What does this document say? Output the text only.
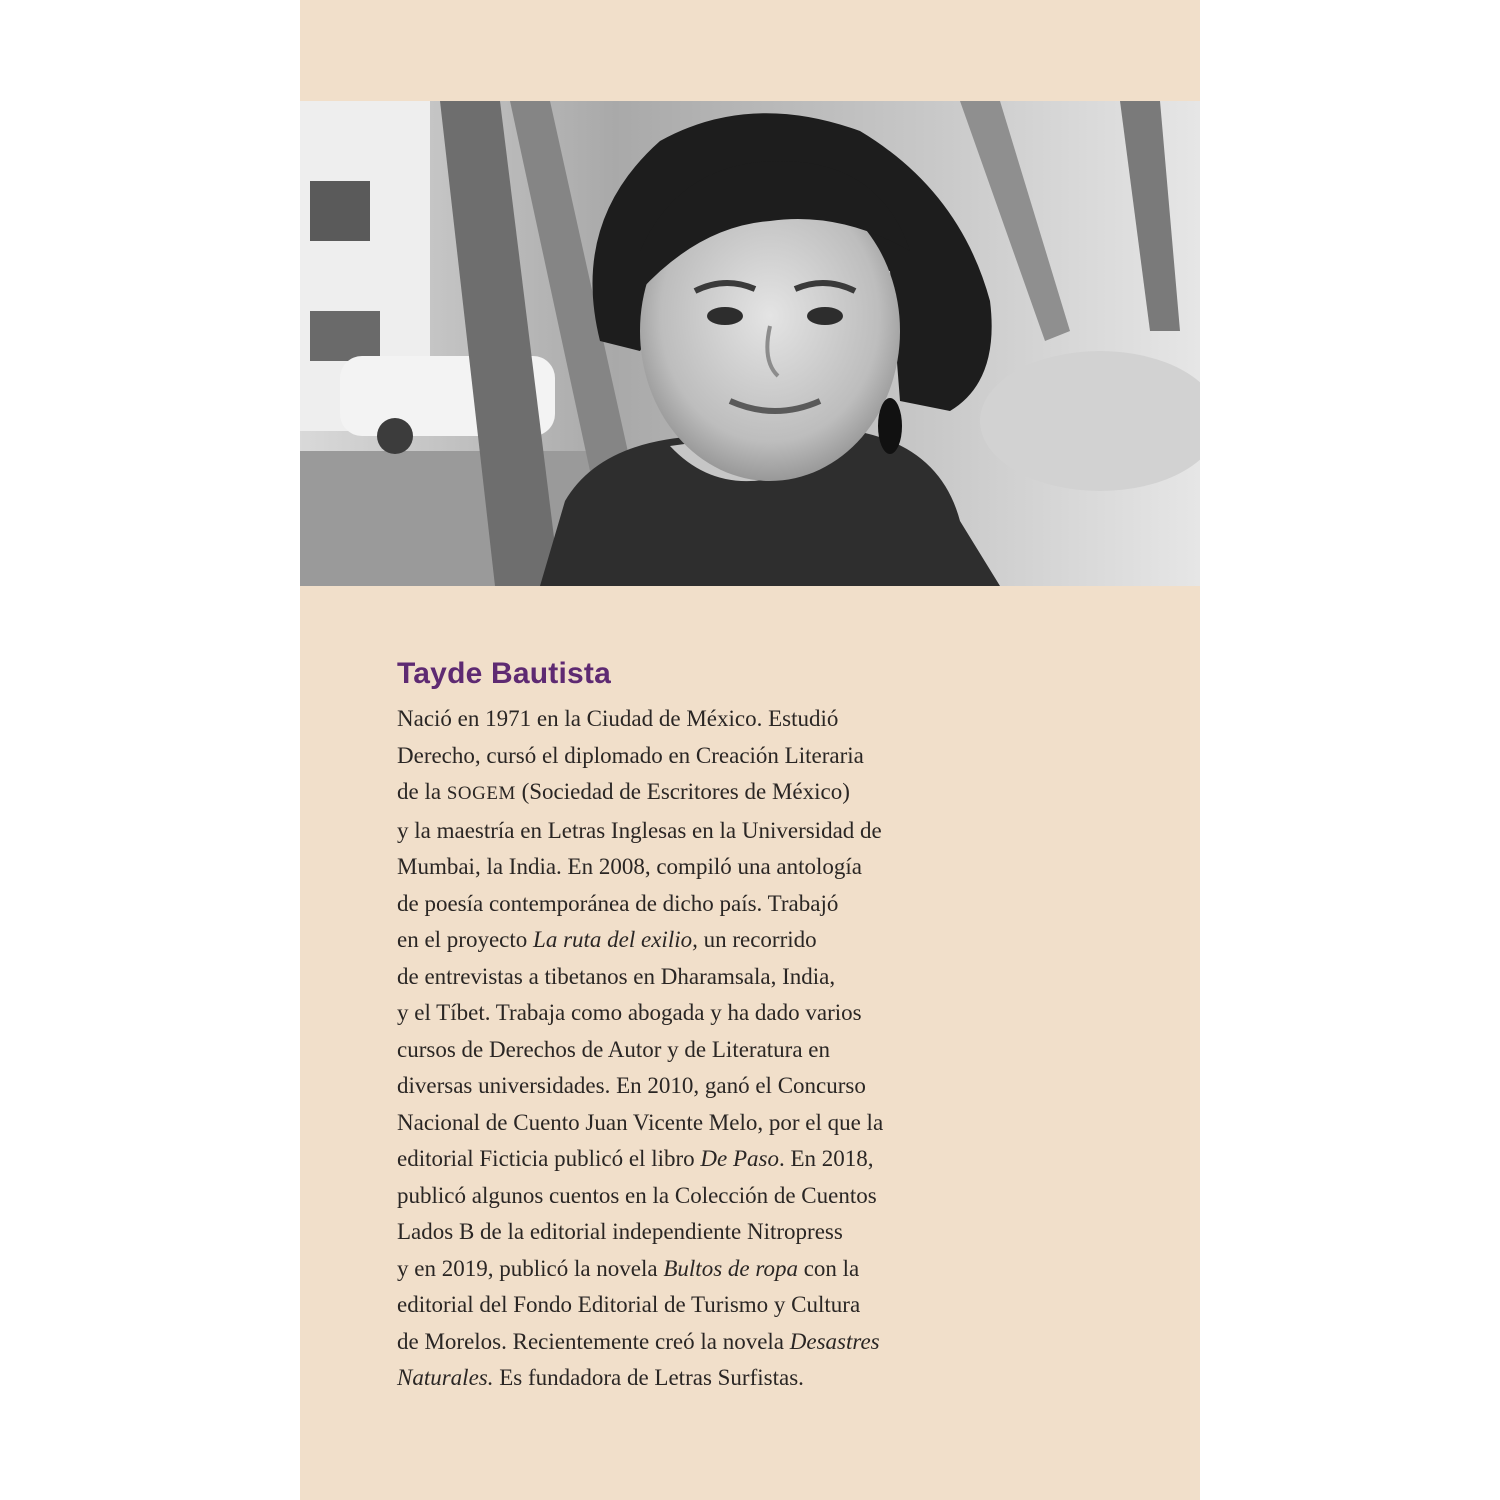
Tayde Bautista
Nació en 1971 en la Ciudad de México. Estudió
Derecho, cursó el diplomado en Creación Literaria
de la SOGEM (Sociedad de Escritores de México)
y la maestría en Letras Inglesas en la Universidad de
Mumbai, la India. En 2008, compiló una antología
de poesía contemporánea de dicho país. Trabajó
en el proyecto La ruta del exilio, un recorrido
de entrevistas a tibetanos en Dharamsala, India,
y el Tíbet. Trabaja como abogada y ha dado varios
cursos de Derechos de Autor y de Literatura en
diversas universidades. En 2010, ganó el Concurso
Nacional de Cuento Juan Vicente Melo, por el que la
editorial Ficticia publicó el libro De Paso. En 2018,
publicó algunos cuentos en la Colección de Cuentos
Lados B de la editorial independiente Nitropress
y en 2019, publicó la novela Bultos de ropa con la
editorial del Fondo Editorial de Turismo y Cultura
de Morelos. Recientemente creó la novela Desastres
Naturales. Es fundadora de Letras Surfistas.
